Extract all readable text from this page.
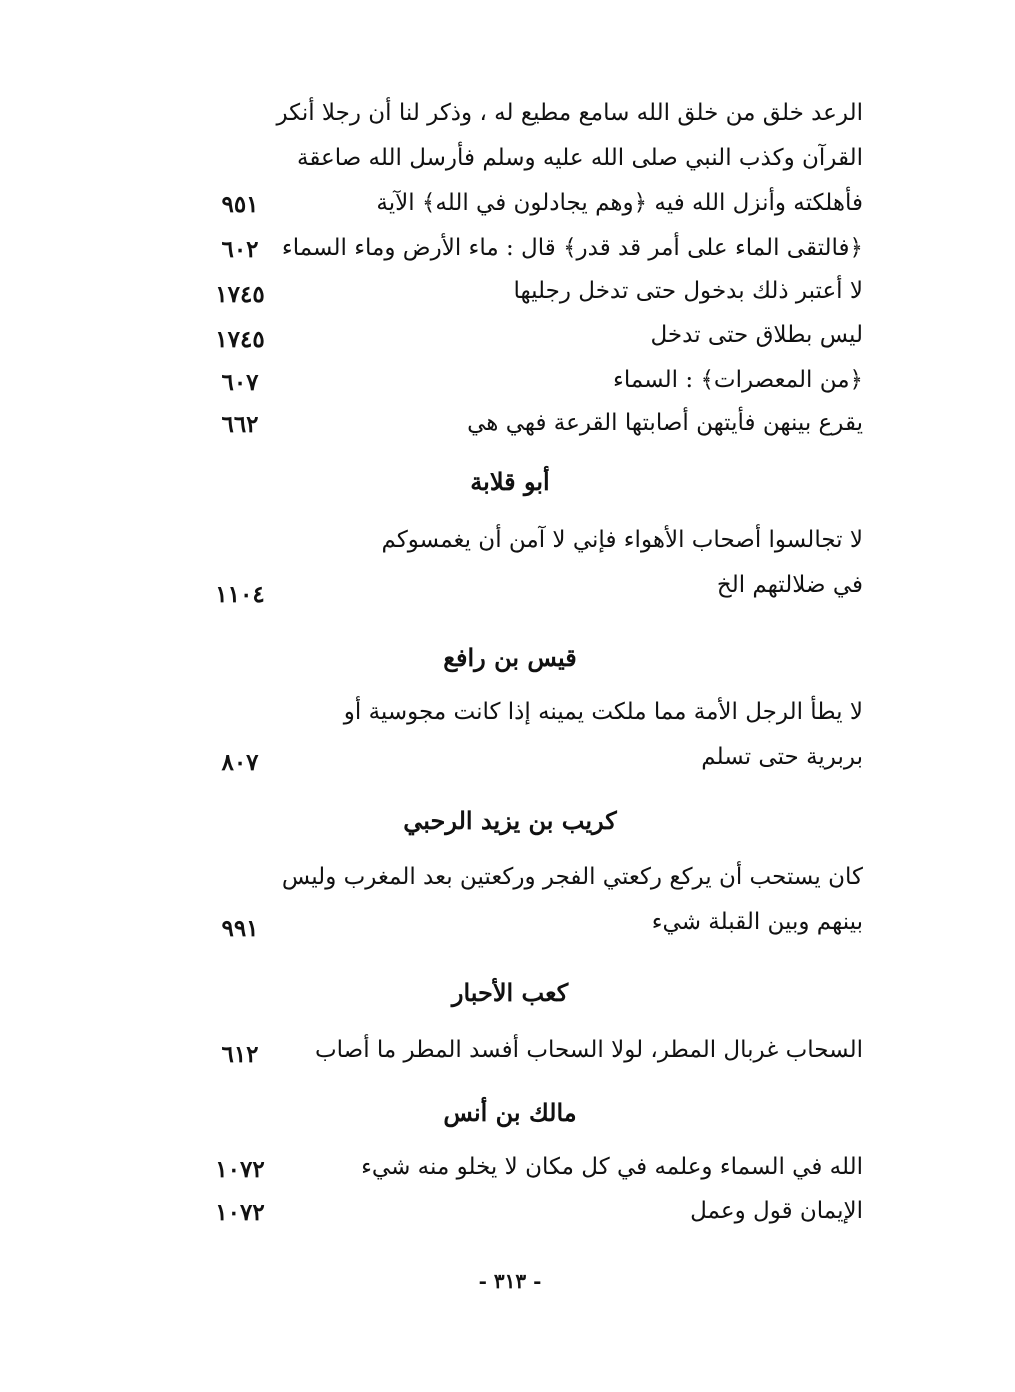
الرعد خلق من خلق الله سامع مطيع له ، وذكر لنا أن رجلا أنكر
القرآن وكذب النبي صلى الله عليه وسلم فأرسل الله صاعقة
فأهلكته وأنزل الله فيه ﴿وهم يجادلون في الله﴾ الآية
٩٥١
﴿فالتقى الماء على أمر قد قدر﴾ قال : ماء الأرض وماء السماء
٦٠٢
لا أعتبر ذلك بدخول حتى تدخل رجليها
١٧٤٥
ليس بطلاق حتى تدخل
١٧٤٥
﴿من المعصرات﴾ : السماء
٦٠٧
يقرع بينهن فأيتهن أصابتها القرعة فهي هي
٦٦٢
أبو قلابة
لا تجالسوا أصحاب الأهواء فإني لا آمن أن يغمسوكم
في ضلالتهم الخ
١١٠٤
قيس بن رافع
لا يطأ الرجل الأمة مما ملكت يمينه إذا كانت مجوسية أو
بربرية حتى تسلم
٨٠٧
كريب بن يزيد الرحبي
كان يستحب أن يركع ركعتي الفجر وركعتين بعد المغرب وليس
بينهم وبين القبلة شيء
٩٩١
كعب الأحبار
السحاب غربال المطر، لولا السحاب أفسد المطر ما أصاب
٦١٢
مالك بن أنس
الله في السماء وعلمه في كل مكان لا يخلو منه شيء
١٠٧٢
الإيمان قول وعمل
١٠٧٢
- ٣١٣ -
